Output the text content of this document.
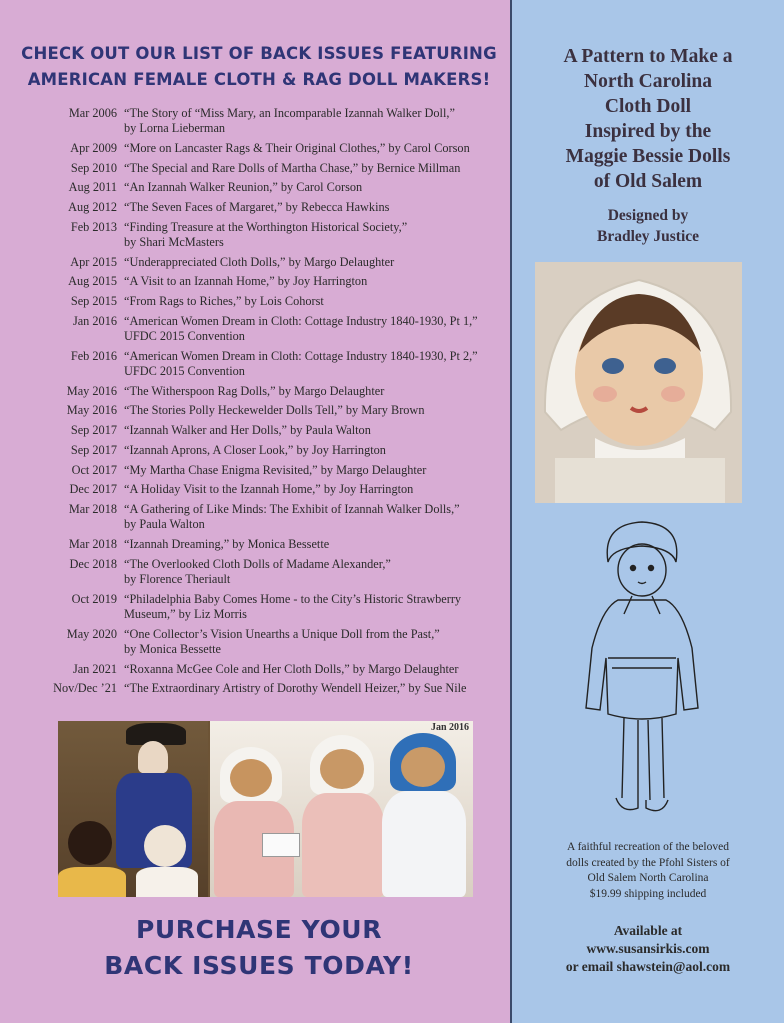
CHECK OUT OUR LIST OF BACK ISSUES FEATURING
AMERICAN FEMALE CLOTH & RAG DOLL MAKERS!
Mar 2006 “The Story of “Miss Mary, an Incomparable Izannah Walker Doll,”
by Lorna Lieberman
Apr 2009 “More on Lancaster Rags & Their Original Clothes,” by Carol Corson
Sep 2010 “The Special and Rare Dolls of Martha Chase,” by Bernice Millman
Aug 2011 “An Izannah Walker Reunion,” by Carol Corson
Aug 2012 “The Seven Faces of Margaret,” by Rebecca Hawkins
Feb 2013 “Finding Treasure at the Worthington Historical Society,”
by Shari McMasters
Apr 2015 “Underappreciated Cloth Dolls,” by Margo Delaughter
Aug 2015 “A Visit to an Izannah Home,” by Joy Harrington
Sep 2015 “From Rags to Riches,” by Lois Cohorst
Jan 2016 “American Women Dream in Cloth: Cottage Industry 1840-1930, Pt 1,”
UFDC 2015 Convention
Feb 2016 “American Women Dream in Cloth: Cottage Industry 1840-1930, Pt 2,”
UFDC 2015 Convention
May 2016 “The Witherspoon Rag Dolls,” by Margo Delaughter
May 2016 “The Stories Polly Heckewelder Dolls Tell,” by Mary Brown
Sep 2017 “Izannah Walker and Her Dolls,” by Paula Walton
Sep 2017 “Izannah Aprons, A Closer Look,” by Joy Harrington
Oct 2017 “My Martha Chase Enigma Revisited,” by Margo Delaughter
Dec 2017 “A Holiday Visit to the Izannah Home,” by Joy Harrington
Mar 2018 “A Gathering of Like Minds: The Exhibit of Izannah Walker Dolls,”
by Paula Walton
Mar 2018 “Izannah Dreaming,” by Monica Bessette
Dec 2018 “The Overlooked Cloth Dolls of Madame Alexander,”
by Florence Theriault
Oct 2019 “Philadelphia Baby Comes Home - to the City’s Historic Strawberry
Museum,” by Liz Morris
May 2020 “One Collector’s Vision Unearths a Unique Doll from the Past,”
by Monica Bessette
Jan 2021 “Roxanna McGee Cole and Her Cloth Dolls,” by Margo Delaughter
Nov/Dec ’21 “The Extraordinary Artistry of Dorothy Wendell Heizer,” by Sue Nile
Jan 2016
PURCHASE YOUR
BACK ISSUES TODAY!
A Pattern to Make a
North Carolina
Cloth Doll
Inspired by the
Maggie Bessie Dolls
of Old Salem

Designed by
Bradley Justice

A faithful recreation of the beloved
dolls created by the Pfohl Sisters of
Old Salem North Carolina
$19.99 shipping included

Available at
www.susansirkis.com
or email shawstein@aol.com
